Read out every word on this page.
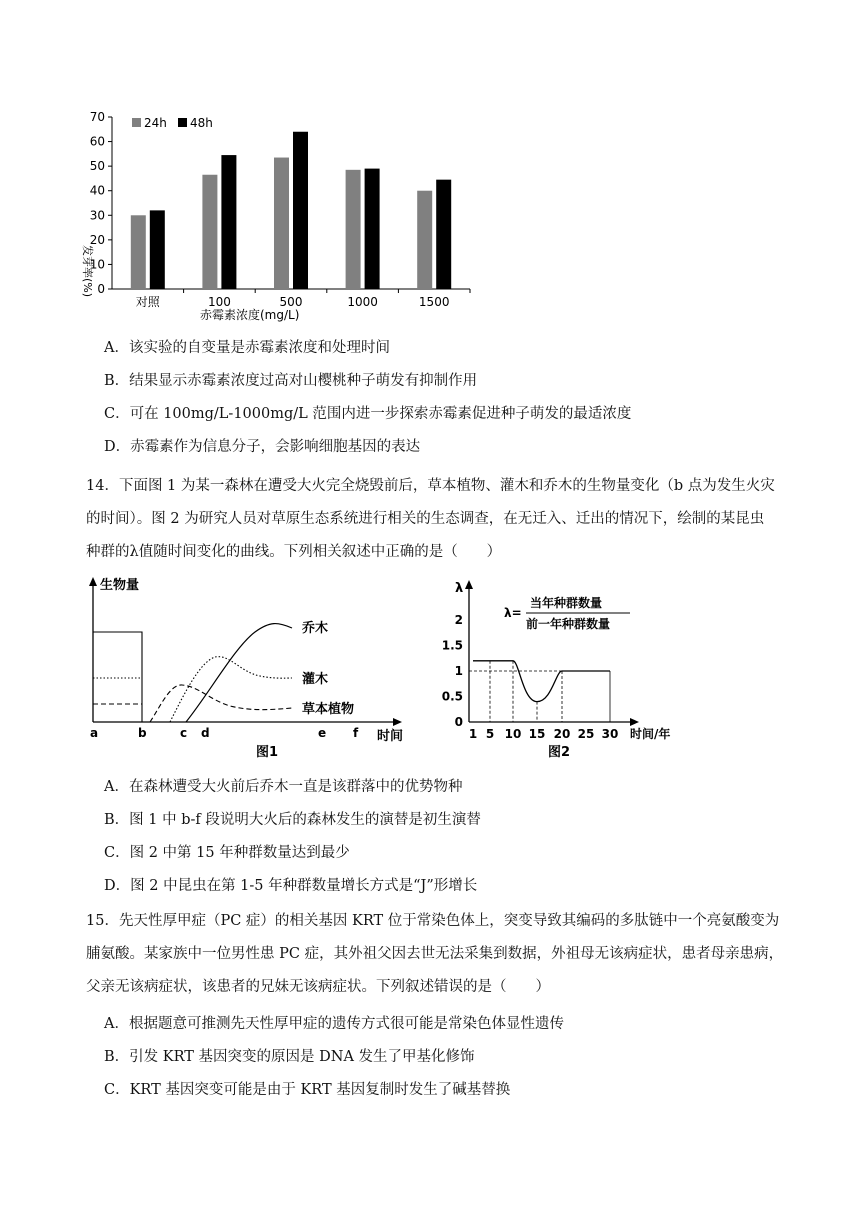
0
10
20
30
40
50
60
70
对照	100	500	1000	1500
24h 48h
发芽率(%)
赤霉素浓度(mg/L)
A．该实验的自变量是赤霉素浓度和处理时间
B．结果显示赤霉素浓度过高对山樱桃种子萌发有抑制作用
C．可在 100mg/L-1000mg/L 范围内进一步探索赤霉素促进种子萌发的最适浓度
D．赤霉素作为信息分子，会影响细胞基因的表达
14．下面图 1 为某一森林在遭受大火完全烧毁前后，草本植物、灌木和乔木的生物量变化（b 点为发生火灾
的时间）。图 2 为研究人员对草原生态系统进行相关的生态调查，在无迁入、迁出的情况下，绘制的某昆虫
种群的λ值随时间变化的曲线。下列相关叙述中正确的是（　　）
生物量
时间
乔木
灌木
草本植物
a	b	c d	e f
图1
λ
时间/年
λ=
当年种群数量
前一年种群数量
1 5 10 15 20 25 30
0
0.5
1
1.5
2
图2
A．在森林遭受大火前后乔木一直是该群落中的优势物种
B．图 1 中 b-f 段说明大火后的森林发生的演替是初生演替
C．图 2 中第 15 年种群数量达到最少
D．图 2 中昆虫在第 1-5 年种群数量增长方式是“J”形增长
15．先天性厚甲症（PC 症）的相关基因 KRT 位于常染色体上，突变导致其编码的多肽链中一个亮氨酸变为
脯氨酸。某家族中一位男性患 PC 症，其外祖父因去世无法采集到数据，外祖母无该病症状，患者母亲患病，
父亲无该病症状，该患者的兄妹无该病症状。下列叙述错误的是（　　）
A．根据题意可推测先天性厚甲症的遗传方式很可能是常染色体显性遗传
B．引发 KRT 基因突变的原因是 DNA 发生了甲基化修饰
C．KRT 基因突变可能是由于 KRT 基因复制时发生了碱基替换
